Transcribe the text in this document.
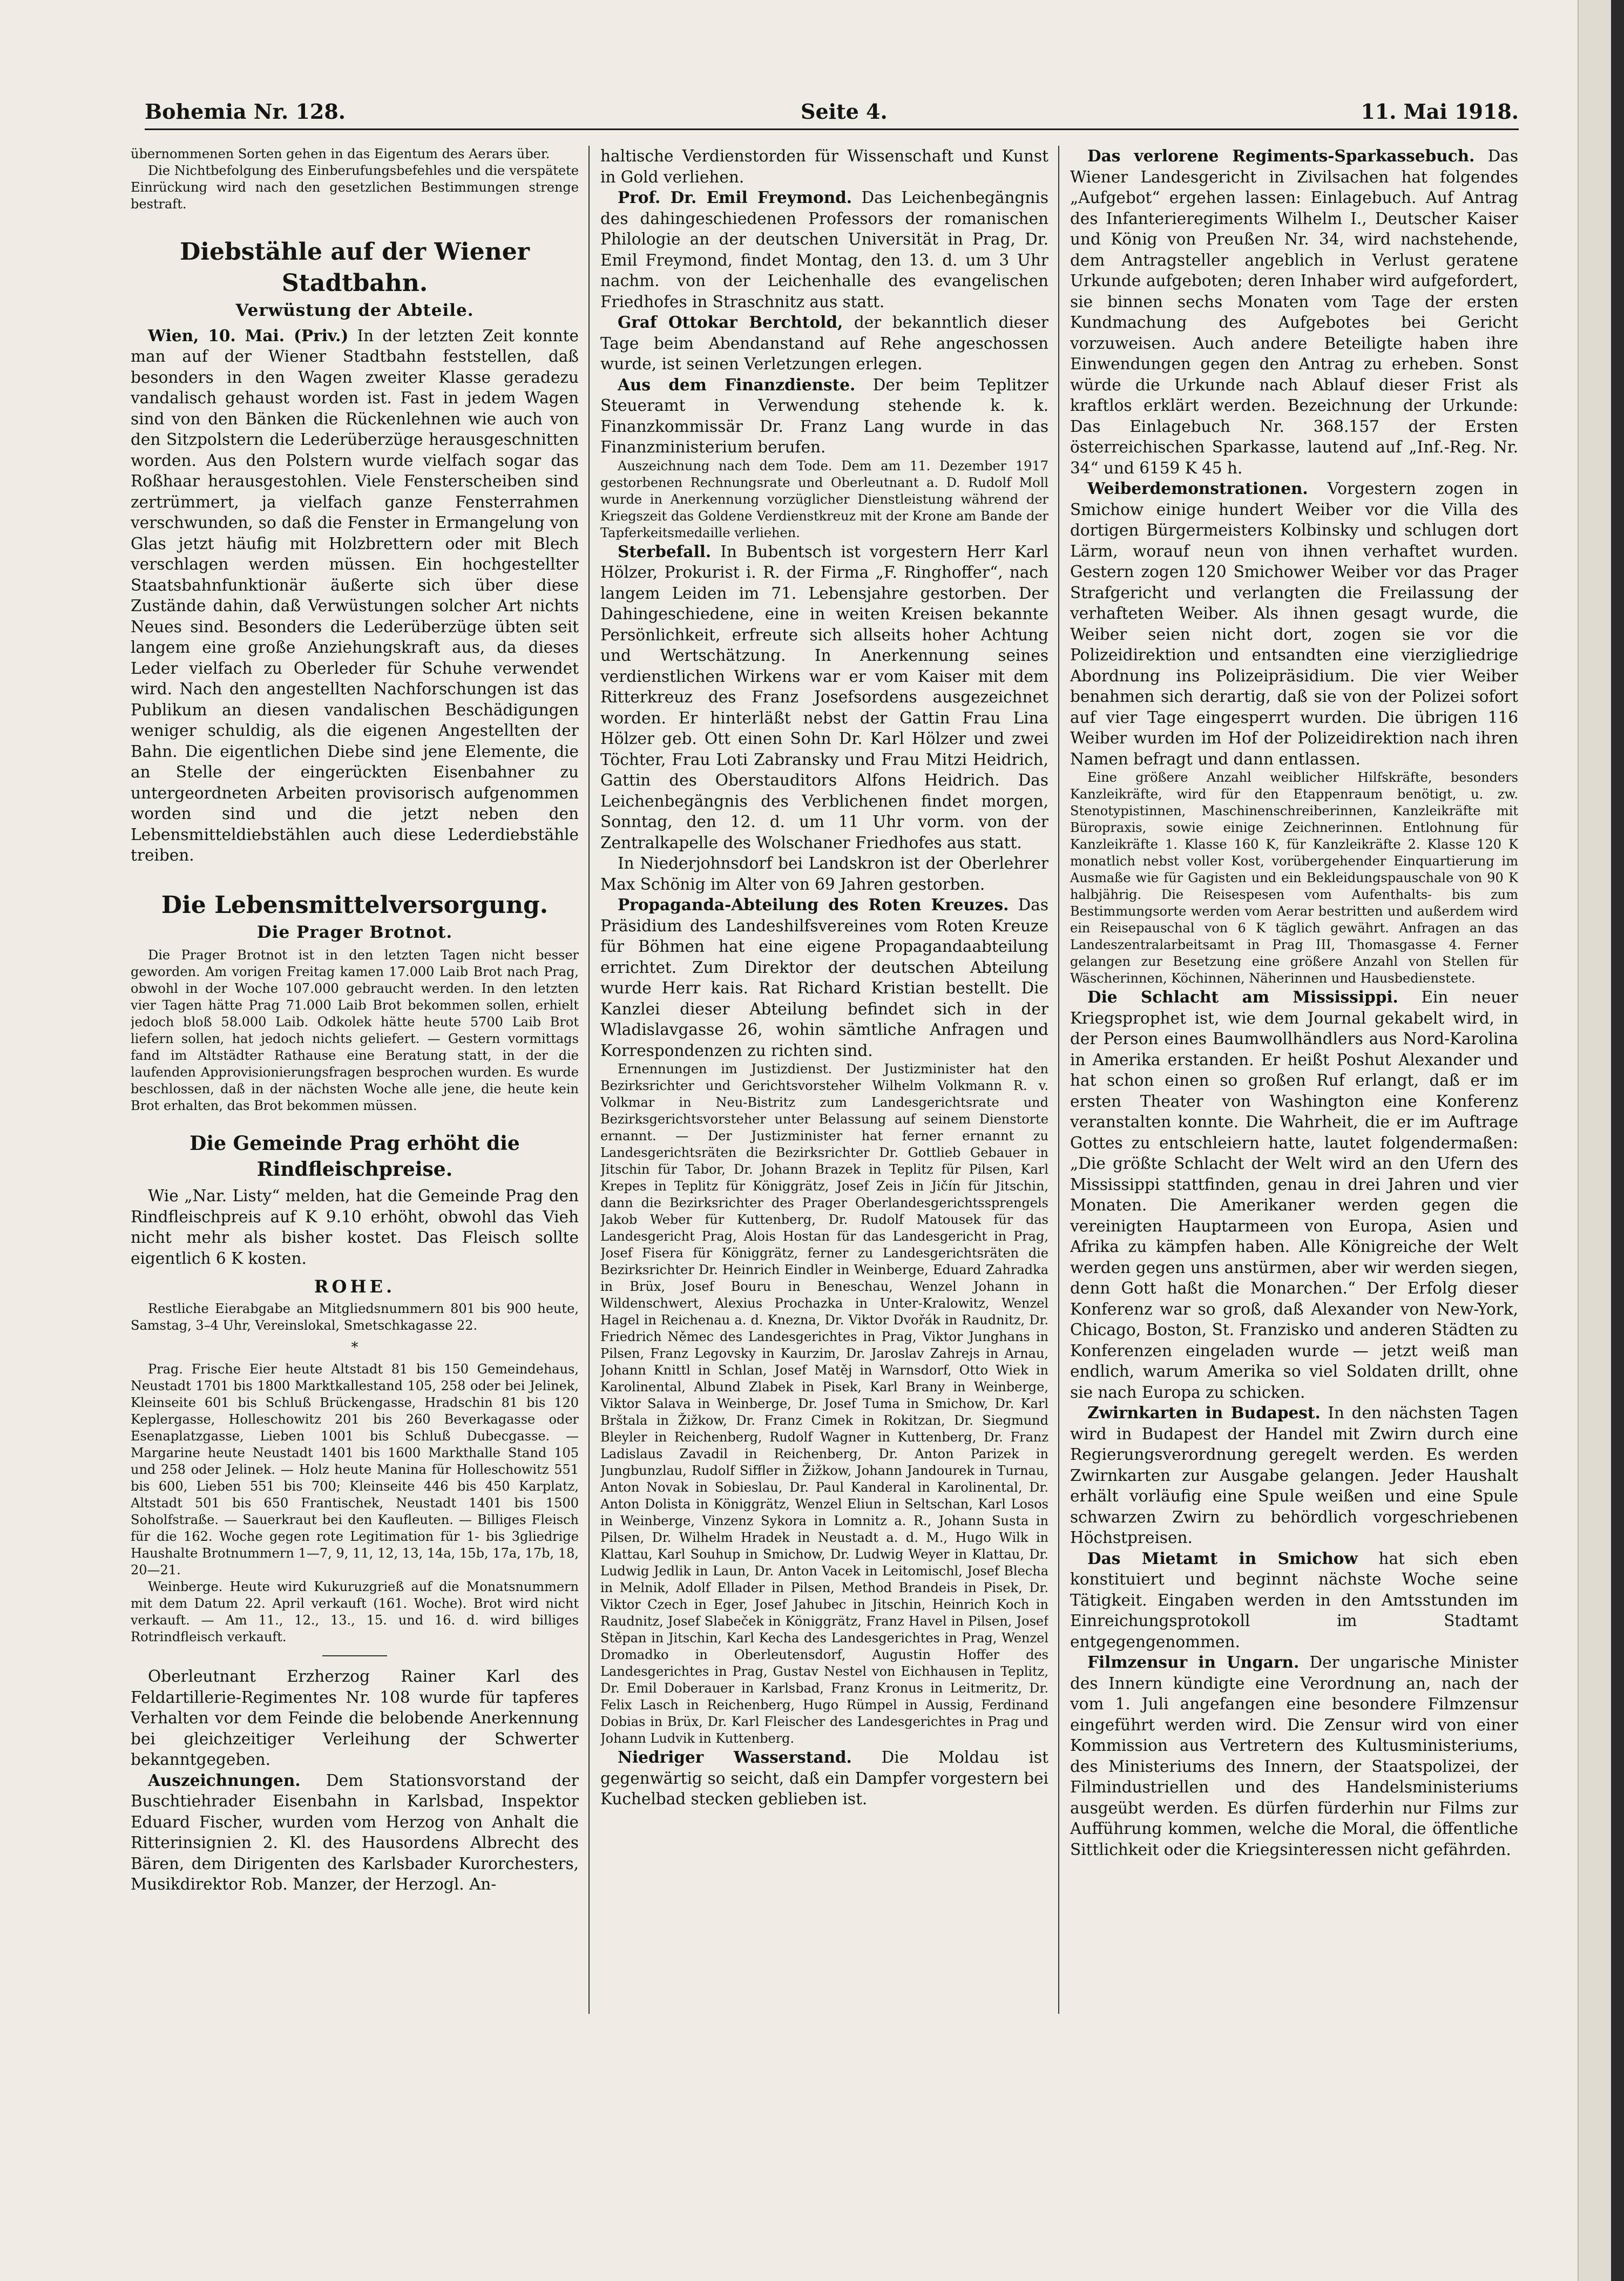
Bohemia Nr. 128.	Seite 4.	11. Mai 1918.

übernommenen Sorten gehen in das Eigentum des Aerars über.

Die Nichtbefolgung des Einberufungsbefehles und die verspätete Einrückung wird nach den gesetzlichen Bestimmungen strenge bestraft.

Diebstähle auf der Wiener Stadtbahn.
Verwüstung der Abteile.

Wien, 10. Mai. (Priv.) In der letzten Zeit konnte man auf der Wiener Stadtbahn feststellen, daß besonders in den Wagen zweiter Klasse geradezu vandalisch gehaust worden ist. Fast in jedem Wagen sind von den Bänken die Rückenlehnen wie auch von den Sitzpolstern die Lederüberzüge herausgeschnitten worden. Aus den Polstern wurde vielfach sogar das Roßhaar herausgestohlen. Viele Fensterscheiben sind zertrümmert, ja vielfach ganze Fensterrahmen verschwunden, so daß die Fenster in Ermangelung von Glas jetzt häufig mit Holzbrettern oder mit Blech verschlagen werden müssen. Ein hochgestellter Staatsbahnfunktionär äußerte sich über diese Zustände dahin, daß Verwüstungen solcher Art nichts Neues sind. Besonders die Lederüberzüge übten seit langem eine große Anziehungskraft aus, da dieses Leder vielfach zu Oberleder für Schuhe verwendet wird. Nach den angestellten Nachforschungen ist das Publikum an diesen vandalischen Beschädigungen weniger schuldig, als die eigenen Angestellten der Bahn. Die eigentlichen Diebe sind jene Elemente, die an Stelle der eingerückten Eisenbahner zu untergeordneten Arbeiten provisorisch aufgenommen worden sind und die jetzt neben den Lebensmitteldiebstählen auch diese Lederdiebstähle treiben.

Die Lebensmittelversorgung.
Die Prager Brotnot.

Die Prager Brotnot ist in den letzten Tagen nicht besser geworden. Am vorigen Freitag kamen 17.000 Laib Brot nach Prag, obwohl in der Woche 107.000 gebraucht werden. In den letzten vier Tagen hätte Prag 71.000 Laib Brot bekommen sollen, erhielt jedoch bloß 58.000 Laib. Odkolek hätte heute 5700 Laib Brot liefern sollen, hat jedoch nichts geliefert. — Gestern vormittags fand im Altstädter Rathause eine Beratung statt, in der die laufenden Approvisionierungsfragen besprochen wurden. Es wurde beschlossen, daß in der nächsten Woche alle jene, die heute kein Brot erhalten, das Brot bekommen müssen.

Die Gemeinde Prag erhöht die Rindfleischpreise.

Wie „Nar. Listy“ melden, hat die Gemeinde Prag den Rindfleischpreis auf K 9.10 erhöht, obwohl das Vieh nicht mehr als bisher kostet. Das Fleisch sollte eigentlich 6 K kosten.

ROHE.

Restliche Eierabgabe an Mitgliedsnummern 801 bis 900 heute, Samstag, 3–4 Uhr, Vereinslokal, Smetschkagasse 22.

*

Prag. Frische Eier heute Altstadt 81 bis 150 Gemeindehaus, Neustadt 1701 bis 1800 Marktkallestand 105, 258 oder bei Jelinek, Kleinseite 601 bis Schluß Brückengasse, Hradschin 81 bis 120 Keplergasse, Holleschowitz 201 bis 260 Beverkagasse oder Esenaplatzgasse, Lieben 1001 bis Schluß Dubecgasse. — Margarine heute Neustadt 1401 bis 1600 Markthalle Stand 105 und 258 oder Jelinek. — Holz heute Manina für Holleschowitz 551 bis 600, Lieben 551 bis 700; Kleinseite 446 bis 450 Karplatz, Altstadt 501 bis 650 Frantischek, Neustadt 1401 bis 1500 Soholfstraße. — Sauerkraut bei den Kaufleuten. — Billiges Fleisch für die 162. Woche gegen rote Legitimation für 1- bis 3gliedrige Haushalte Brotnummern 1—7, 9, 11, 12, 13, 14a, 15b, 17a, 17b, 18, 20—21.

Weinberge. Heute wird Kukuruzgrieß auf die Monatsnummern mit dem Datum 22. April verkauft (161. Woche). Brot wird nicht verkauft. — Am 11., 12., 13., 15. und 16. d. wird billiges Rotrindfleisch verkauft.

Oberleutnant Erzherzog Rainer Karl des Feldartillerie-Regimentes Nr. 108 wurde für tapferes Verhalten vor dem Feinde die belobende Anerkennung bei gleichzeitiger Verleihung der Schwerter bekanntgegeben.

Auszeichnungen. Dem Stationsvorstand der Buschtiehrader Eisenbahn in Karlsbad, Inspektor Eduard Fischer, wurden vom Herzog von Anhalt die Ritterinsignien 2. Kl. des Hausordens Albrecht des Bären, dem Dirigenten des Karlsbader Kurorchesters, Musikdirektor Rob. Manzer, der Herzogl. An-

haltische Verdienstorden für Wissenschaft und Kunst in Gold verliehen.

Prof. Dr. Emil Freymond. Das Leichenbegängnis des dahingeschiedenen Professors der romanischen Philologie an der deutschen Universität in Prag, Dr. Emil Freymond, findet Montag, den 13. d. um 3 Uhr nachm. von der Leichenhalle des evangelischen Friedhofes in Straschnitz aus statt.

Graf Ottokar Berchtold, der bekanntlich dieser Tage beim Abendanstand auf Rehe angeschossen wurde, ist seinen Verletzungen erlegen.

Aus dem Finanzdienste. Der beim Teplitzer Steueramt in Verwendung stehende k. k. Finanzkommissär Dr. Franz Lang wurde in das Finanzministerium berufen.

Auszeichnung nach dem Tode. Dem am 11. Dezember 1917 gestorbenen Rechnungsrate und Oberleutnant a. D. Rudolf Moll wurde in Anerkennung vorzüglicher Dienstleistung während der Kriegszeit das Goldene Verdienstkreuz mit der Krone am Bande der Tapferkeitsmedaille verliehen.

Sterbefall. In Bubentsch ist vorgestern Herr Karl Hölzer, Prokurist i. R. der Firma „F. Ringhoffer“, nach langem Leiden im 71. Lebensjahre gestorben. Der Dahingeschiedene, eine in weiten Kreisen bekannte Persönlichkeit, erfreute sich allseits hoher Achtung und Wertschätzung. In Anerkennung seines verdienstlichen Wirkens war er vom Kaiser mit dem Ritterkreuz des Franz Josefsordens ausgezeichnet worden. Er hinterläßt nebst der Gattin Frau Lina Hölzer geb. Ott einen Sohn Dr. Karl Hölzer und zwei Töchter, Frau Loti Zabransky und Frau Mitzi Heidrich, Gattin des Oberstauditors Alfons Heidrich. Das Leichenbegängnis des Verblichenen findet morgen, Sonntag, den 12. d. um 11 Uhr vorm. von der Zentralkapelle des Wolschaner Friedhofes aus statt.

In Niederjohnsdorf bei Landskron ist der Oberlehrer Max Schönig im Alter von 69 Jahren gestorben.

Propaganda-Abteilung des Roten Kreuzes. Das Präsidium des Landeshilfsvereines vom Roten Kreuze für Böhmen hat eine eigene Propagandaabteilung errichtet. Zum Direktor der deutschen Abteilung wurde Herr kais. Rat Richard Kristian bestellt. Die Kanzlei dieser Abteilung befindet sich in der Wladislavgasse 26, wohin sämtliche Anfragen und Korrespondenzen zu richten sind.

Ernennungen im Justizdienst. Der Justizminister hat den Bezirksrichter und Gerichtsvorsteher Wilhelm Volkmann R. v. Volkmar in Neu-Bistritz zum Landesgerichtsrate und Bezirksgerichtsvorsteher unter Belassung auf seinem Dienstorte ernannt. — Der Justizminister hat ferner ernannt zu Landesgerichtsräten die Bezirksrichter Dr. Gottlieb Gebauer in Jitschin für Tabor, Dr. Johann Brazek in Teplitz für Pilsen, Karl Krepes in Teplitz für Königgrätz, Josef Zeis in Jičín für Jitschin, dann die Bezirksrichter des Prager Oberlandesgerichtssprengels Jakob Weber für Kuttenberg, Dr. Rudolf Matousek für das Landesgericht Prag, Alois Hostan für das Landesgericht in Prag, Josef Fiserа für Königgrätz, ferner zu Landesgerichtsräten die Bezirksrichter Dr. Heinrich Eindler in Weinberge, Eduard Zahradka in Brüx, Josef Bouru in Beneschau, Wenzel Johann in Wildenschwert, Alexius Prochazka in Unter-Kralowitz, Wenzel Hagel in Reichenau a. d. Kneznа, Dr. Viktor Dvořák in Raudnitz, Dr. Friedrich Němec des Landesgerichtes in Prag, Viktor Junghans in Pilsen, Franz Legovsky in Kaurzim, Dr. Jaroslav Zahrejs in Arnau, Johann Knittl in Schlan, Josef Matěj in Warnsdorf, Otto Wiek in Karolinental, Albund Zlabek in Pisek, Karl Brany in Weinberge, Viktor Salava in Weinberge, Dr. Josef Tuma in Smichow, Dr. Karl Brštala in Žižkow, Dr. Franz Cimek in Rokitzan, Dr. Siegmund Bleyler in Reichenberg, Rudolf Wagner in Kuttenberg, Dr. Franz Ladislaus Zavadil in Reichenberg, Dr. Anton Parizek in Jungbunzlau, Rudolf Siffler in Žižkow, Johann Jandourek in Turnau, Anton Novak in Sobieslau, Dr. Paul Kanderal in Karolinental, Dr. Anton Dolista in Königgrätz, Wenzel Eliun in Seltschan, Karl Losos in Weinberge, Vinzenz Sykora in Lomnitz a. R., Johann Susta in Pilsen, Dr. Wilhelm Hradek in Neustadt a. d. M., Hugo Wilk in Klattau, Karl Souhup in Smichow, Dr. Ludwig Weyer in Klattau, Dr. Ludwig Jedlik in Laun, Dr. Anton Vacek in Leitomischl, Josef Blecha in Melnik, Adolf Ellader in Pilsen, Method Brandeis in Pisek, Dr. Viktor Czech in Eger, Josef Jahubec in Jitschin, Heinrich Koch in Raudnitz, Josef Slabeček in Königgrätz, Franz Havel in Pilsen, Josef Stěpan in Jitschin, Karl Kecha des Landesgerichtes in Prag, Wenzel Dromadko in Oberleutensdorf, Augustin Hoffer des Landesgerichtes in Prag, Gustav Nestel von Eichhausen in Teplitz, Dr. Emil Doberauer in Karlsbad, Franz Kronus in Leitmeritz, Dr. Felix Lasch in Reichenberg, Hugo Rümpel in Aussig, Ferdinand Dobias in Brüx, Dr. Karl Fleischer des Landesgerichtes in Prag und Johann Ludvik in Kuttenberg.

Niedriger Wasserstand. Die Moldau ist gegenwärtig so seicht, daß ein Dampfer vorgestern bei Kuchelbad stecken geblieben ist.

Das verlorene Regiments-Sparkassebuch. Das Wiener Landesgericht in Zivilsachen hat folgendes „Aufgebot“ ergehen lassen: Einlagebuch. Auf Antrag des Infanterieregiments Wilhelm I., Deutscher Kaiser und König von Preußen Nr. 34, wird nachstehende, dem Antragsteller angeblich in Verlust geratene Urkunde aufgeboten; deren Inhaber wird aufgefordert, sie binnen sechs Monaten vom Tage der ersten Kundmachung des Aufgebotes bei Gericht vorzuweisen. Auch andere Beteiligte haben ihre Einwendungen gegen den Antrag zu erheben. Sonst würde die Urkunde nach Ablauf dieser Frist als kraftlos erklärt werden. Bezeichnung der Urkunde: Das Einlagebuch Nr. 368.157 der Ersten österreichischen Sparkasse, lautend auf „Inf.-Reg. Nr. 34“ und 6159 K 45 h.

Weiberdemonstrationen. Vorgestern zogen in Smichow einige hundert Weiber vor die Villa des dortigen Bürgermeisters Kolbinsky und schlugen dort Lärm, worauf neun von ihnen verhaftet wurden. Gestern zogen 120 Smichower Weiber vor das Prager Strafgericht und verlangten die Freilassung der verhafteten Weiber. Als ihnen gesagt wurde, die Weiber seien nicht dort, zogen sie vor die Polizeidirektion und entsandten eine vierzigliedrige Abordnung ins Polizeipräsidium. Die vier Weiber benahmen sich derartig, daß sie von der Polizei sofort auf vier Tage eingesperrt wurden. Die übrigen 116 Weiber wurden im Hof der Polizeidirektion nach ihren Namen befragt und dann entlassen.

Eine größere Anzahl weiblicher Hilfskräfte, besonders Kanzleikräfte, wird für den Etappenraum benötigt, u. zw. Stenotypistinnen, Maschinenschreiberinnen, Kanzleikräfte mit Büropraxis, sowie einige Zeichnerinnen. Entlohnung für Kanzleikräfte 1. Klasse 160 K, für Kanzleikräfte 2. Klasse 120 K monatlich nebst voller Kost, vorübergehender Einquartierung im Ausmaße wie für Gagisten und ein Bekleidungspauschale von 90 K halbjährig. Die Reisespesen vom Aufenthalts- bis zum Bestimmungsorte werden vom Aerar bestritten und außerdem wird ein Reisepauschal von 6 K täglich gewährt. Anfragen an das Landeszentralarbeitsamt in Prag III, Thomasgasse 4. Ferner gelangen zur Besetzung eine größere Anzahl von Stellen für Wäscherinnen, Köchinnen, Näherinnen und Hausbedienstete.

Die Schlacht am Mississippi. Ein neuer Kriegsprophet ist, wie dem Journal gekabelt wird, in der Person eines Baumwollhändlers aus Nord-Karolina in Amerika erstanden. Er heißt Poshut Alexander und hat schon einen so großen Ruf erlangt, daß er im ersten Theater von Washington eine Konferenz veranstalten konnte. Die Wahrheit, die er im Auftrage Gottes zu entschleiern hatte, lautet folgendermaßen: „Die größte Schlacht der Welt wird an den Ufern des Mississippi stattfinden, genau in drei Jahren und vier Monaten. Die Amerikaner werden gegen die vereinigten Hauptarmeen von Europa, Asien und Afrika zu kämpfen haben. Alle Königreiche der Welt werden gegen uns anstürmen, aber wir werden siegen, denn Gott haßt die Monarchen.“ Der Erfolg dieser Konferenz war so groß, daß Alexander von New-York, Chicago, Boston, St. Franzisko und anderen Städten zu Konferenzen eingeladen wurde — jetzt weiß man endlich, warum Amerika so viel Soldaten drillt, ohne sie nach Europa zu schicken.

Zwirnkarten in Budapest. In den nächsten Tagen wird in Budapest der Handel mit Zwirn durch eine Regierungsverordnung geregelt werden. Es werden Zwirnkarten zur Ausgabe gelangen. Jeder Haushalt erhält vorläufig eine Spule weißen und eine Spule schwarzen Zwirn zu behördlich vorgeschriebenen Höchstpreisen.

Das Mietamt in Smichow hat sich eben konstituiert und beginnt nächste Woche seine Tätigkeit. Eingaben werden in den Amtsstunden im Einreichungsprotokoll im Stadtamt entgegengenommen.

Filmzensur in Ungarn. Der ungarische Minister des Innern kündigte eine Verordnung an, nach der vom 1. Juli angefangen eine besondere Filmzensur eingeführt werden wird. Die Zensur wird von einer Kommission aus Vertretern des Kultusministeriums, des Ministeriums des Innern, der Staatspolizei, der Filmindustriellen und des Handelsministeriums ausgeübt werden. Es dürfen fürderhin nur Films zur Aufführung kommen, welche die Moral, die öffentliche Sittlichkeit oder die Kriegsinteressen nicht gefährden.
